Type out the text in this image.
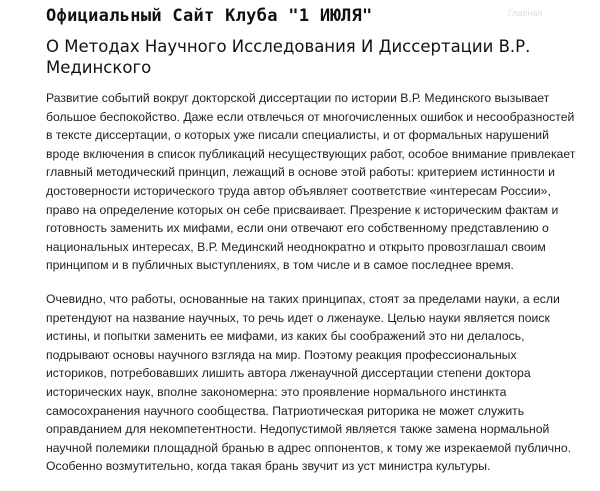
Официальный Сайт Клуба "1 ИЮЛЯ"	Главная
О Методах Научного Исследования И Диссертации В.Р. Мединского

Развитие событий вокруг докторской диссертации по истории В.Р. Мединского вызывает большое беспокойство. Даже если отвлечься от многочисленных ошибок и несообразностей в тексте диссертации, о которых уже писали специалисты, и от формальных нарушений вроде включения в список публикаций несуществующих работ, особое внимание привлекает главный методический принцип, лежащий в основе этой работы: критерием истинности и достоверности исторического труда автор объявляет соответствие «интересам России», право на определение которых он себе присваивает. Презрение к историческим фактам и готовность заменить их мифами, если они отвечают его собственному представлению о национальных интересах, В.Р. Мединский неоднократно и открыто провозглашал своим принципом и в публичных выступлениях, в том числе и в самое последнее время.

Очевидно, что работы, основанные на таких принципах, стоят за пределами науки, а если претендуют на название научных, то речь идет о лженауке. Целью науки является поиск истины, и попытки заменить ее мифами, из каких бы соображений это ни делалось, подрывают основы научного взгляда на мир. Поэтому реакция профессиональных историков, потребовавших лишить автора лженаучной диссертации степени доктора исторических наук, вполне закономерна: это проявление нормального инстинкта самосохранения научного сообщества. Патриотическая риторика не может служить оправданием для некомпетентности. Недопустимой является также замена нормальной научной полемики площадной бранью в адрес оппонентов, к тому же изрекаемой публично. Особенно возмутительно, когда такая брань звучит из уст министра культуры.
